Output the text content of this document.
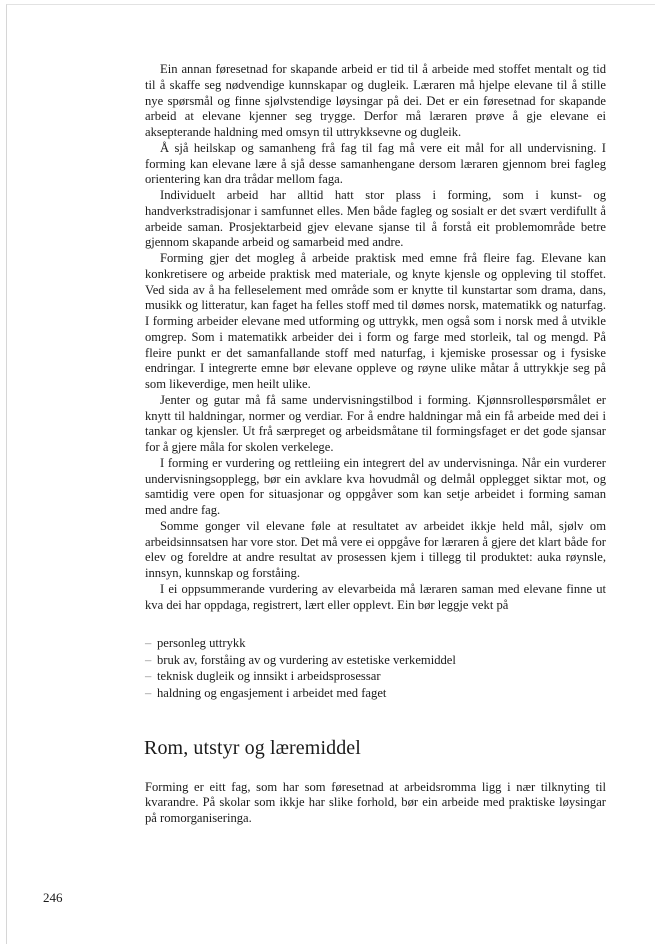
Ein annan føresetnad for skapande arbeid er tid til å arbeide med stoffet mentalt og tid til å skaffe seg nødvendige kunnskapar og dugleik. Læraren må hjelpe elevane til å stille nye spørsmål og finne sjølvstendige løysingar på dei. Det er ein føresetnad for skapande arbeid at elevane kjenner seg trygge. Derfor må læraren prøve å gje elevane ei aksepterande haldning med omsyn til uttrykksevne og dugleik.

Å sjå heilskap og samanheng frå fag til fag må vere eit mål for all undervisning. I forming kan elevane lære å sjå desse samanhengane dersom læraren gjennom brei fagleg orientering kan dra trådar mellom faga.

Individuelt arbeid har alltid hatt stor plass i forming, som i kunst- og handverkstradisjonar i samfunnet elles. Men både fagleg og sosialt er det svært verdifullt å arbeide saman. Prosjektarbeid gjev elevane sjanse til å forstå eit problemområde betre gjennom skapande arbeid og samarbeid med andre.

Forming gjer det mogleg å arbeide praktisk med emne frå fleire fag. Elevane kan konkretisere og arbeide praktisk med materiale, og knyte kjensle og oppleving til stoffet. Ved sida av å ha fellеselement med område som er knytte til kunstartar som drama, dans, musikk og litteratur, kan faget ha felles stoff med til dømes norsk, matematikk og naturfag. I forming arbeider elevane med utforming og uttrykk, men også som i norsk med å utvikle omgrep. Som i matematikk arbeider dei i form og farge med storleik, tal og mengd. På fleire punkt er det samanfallande stoff med naturfag, i kjemiske prosessar og i fysiske endringar. I integrerte emne bør elevane oppleve og røyne ulike måtar å uttrykkje seg på som likeverdige, men heilt ulike.

Jenter og gutar må få same undervisningstilbod i forming. Kjønnsrollespørsmålet er knytt til haldningar, normer og verdiar. For å endre haldningar må ein få arbeide med dei i tankar og kjensler. Ut frå særpreget og arbeidsmåtane til formingsfaget er det gode sjansar for å gjere måla for skolen verkelege.

I forming er vurdering og rettleiing ein integrert del av undervisninga. Når ein vurderer undervisningsopplegg, bør ein avklare kva hovudmål og delmål opplegget siktar mot, og samtidig vere open for situasjonar og oppgåver som kan setje arbeidet i forming saman med andre fag.

Somme gonger vil elevane føle at resultatet av arbeidet ikkje held mål, sjølv om arbeidsinnsatsen har vore stor. Det må vere ei oppgåve for læraren å gjere det klart både for elev og foreldre at andre resultat av prosessen kjem i tillegg til produktet: auka røynsle, innsyn, kunnskap og forståing.

I ei oppsummerande vurdering av elevarbeida må læraren saman med elevane finne ut kva dei har oppdaga, registrert, lært eller opplevt. Ein bør leggje vekt på

– personleg uttrykk
– bruk av, forståing av og vurdering av estetiske verkemiddel
– teknisk dugleik og innsikt i arbeidsprosessar
– haldning og engasjement i arbeidet med faget
Rom, utstyr og læremiddel

Forming er eitt fag, som har som føresetnad at arbeidsromma ligg i nær tilknyting til kvarandre. På skolar som ikkje har slike forhold, bør ein arbeide med praktiske løysingar på romorganiseringa.

246
